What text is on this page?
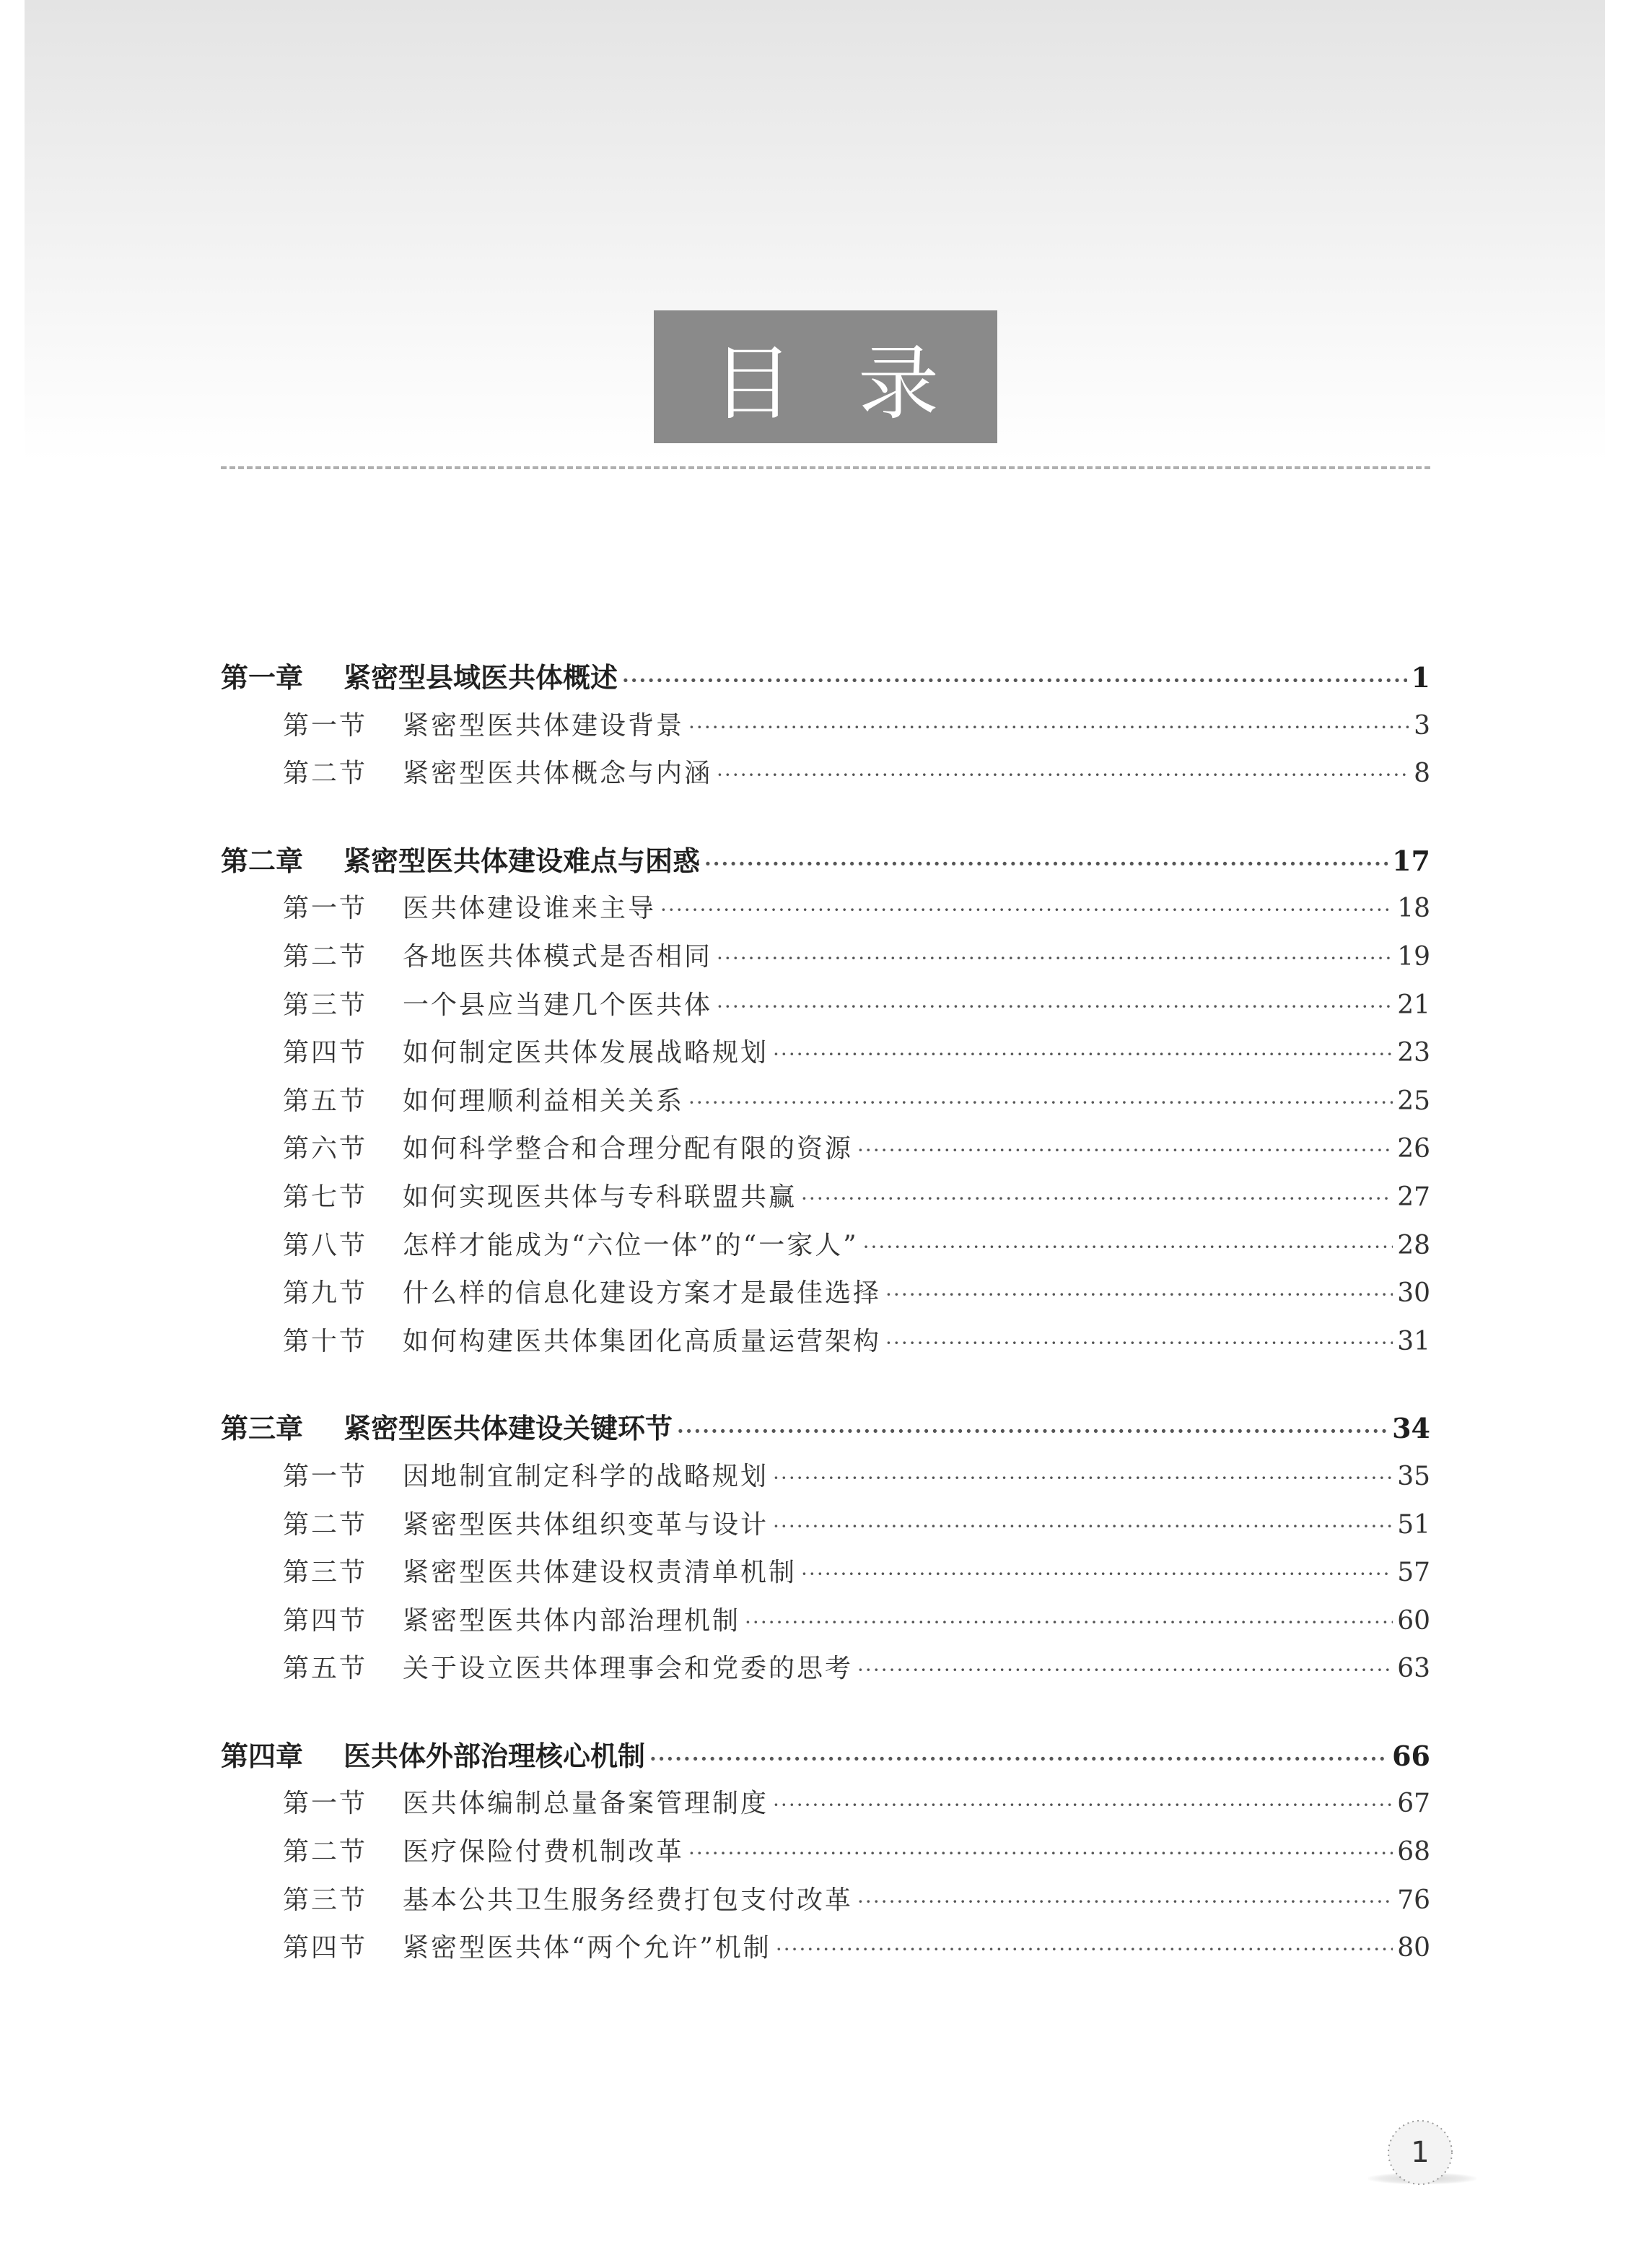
目录
第一章	紧密型县域医共体概述 ·····	1
第一节	紧密型医共体建设背景 ·····	3
第二节	紧密型医共体概念与内涵 ·····	8
第二章	紧密型医共体建设难点与困惑 ·····	17
第一节	医共体建设谁来主导 ·····	18
第二节	各地医共体模式是否相同 ·····	19
第三节	一个县应当建几个医共体 ·····	21
第四节	如何制定医共体发展战略规划 ·····	23
第五节	如何理顺利益相关关系 ·····	25
第六节	如何科学整合和合理分配有限的资源 ·····	26
第七节	如何实现医共体与专科联盟共赢 ·····	27
第八节	怎样才能成为“六位一体”的“一家人” ·····	28
第九节	什么样的信息化建设方案才是最佳选择 ·····	30
第十节	如何构建医共体集团化高质量运营架构 ·····	31
第三章	紧密型医共体建设关键环节 ·····	34
第一节	因地制宜制定科学的战略规划 ·····	35
第二节	紧密型医共体组织变革与设计 ·····	51
第三节	紧密型医共体建设权责清单机制 ·····	57
第四节	紧密型医共体内部治理机制 ·····	60
第五节	关于设立医共体理事会和党委的思考 ·····	63
第四章	医共体外部治理核心机制 ·····	66
第一节	医共体编制总量备案管理制度 ·····	67
第二节	医疗保险付费机制改革 ·····	68
第三节	基本公共卫生服务经费打包支付改革 ·····	76
第四节	紧密型医共体“两个允许”机制 ·····	80
1
